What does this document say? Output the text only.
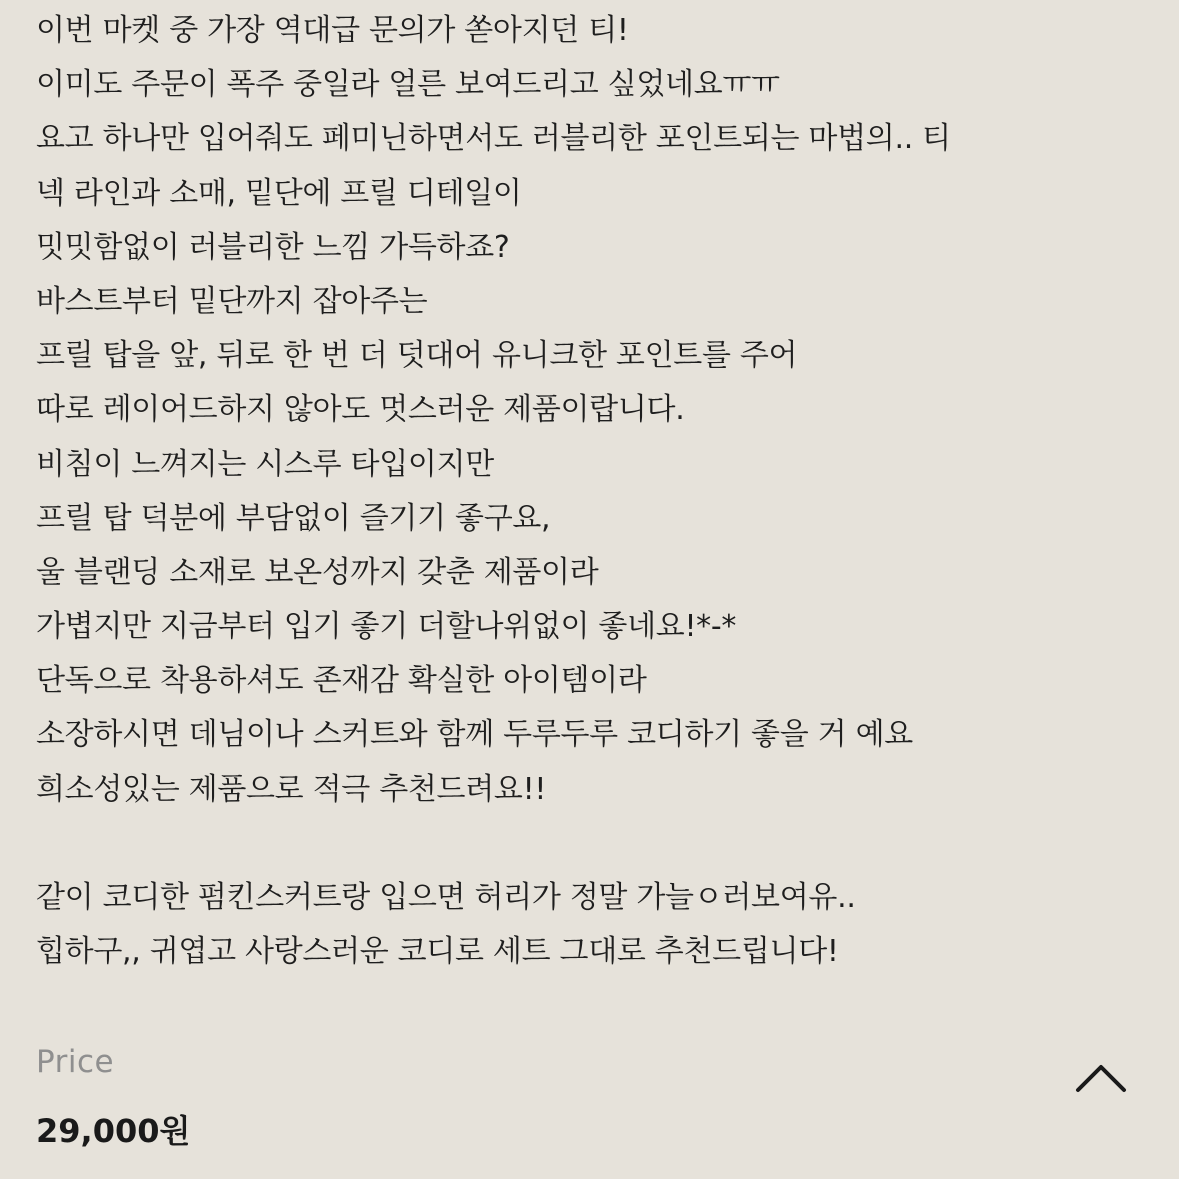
이번 마켓 중 가장 역대급 문의가 쏟아지던 티!
이미도 주문이 폭주 중일라 얼른 보여드리고 싶었네요ㅠㅠ
요고 하나만 입어줘도 페미닌하면서도 러블리한 포인트되는 마법의.. 티
넥 라인과 소매, 밑단에 프릴 디테일이
밋밋함없이 러블리한 느낌 가득하죠?
바스트부터 밑단까지 잡아주는
프릴 탑을 앞, 뒤로 한 번 더 덧대어 유니크한 포인트를 주어
따로 레이어드하지 않아도 멋스러운 제품이랍니다.
비침이 느껴지는 시스루 타입이지만
프릴 탑 덕분에 부담없이 즐기기 좋구요,
울 블랜딩 소재로 보온성까지 갖춘 제품이라
가볍지만 지금부터 입기 좋기 더할나위없이 좋네요!*-*
단독으로 착용하셔도 존재감 확실한 아이템이라
소장하시면 데님이나 스커트와 함께 두루두루 코디하기 좋을 거 예요
희소성있는 제품으로 적극 추천드려요!!
같이 코디한 펌킨스커트랑 입으면 허리가 정말 가늘ㅇ러보여유..
힙하구,, 귀엽고 사랑스러운 코디로 세트 그대로 추천드립니다!
Price
29,000원
